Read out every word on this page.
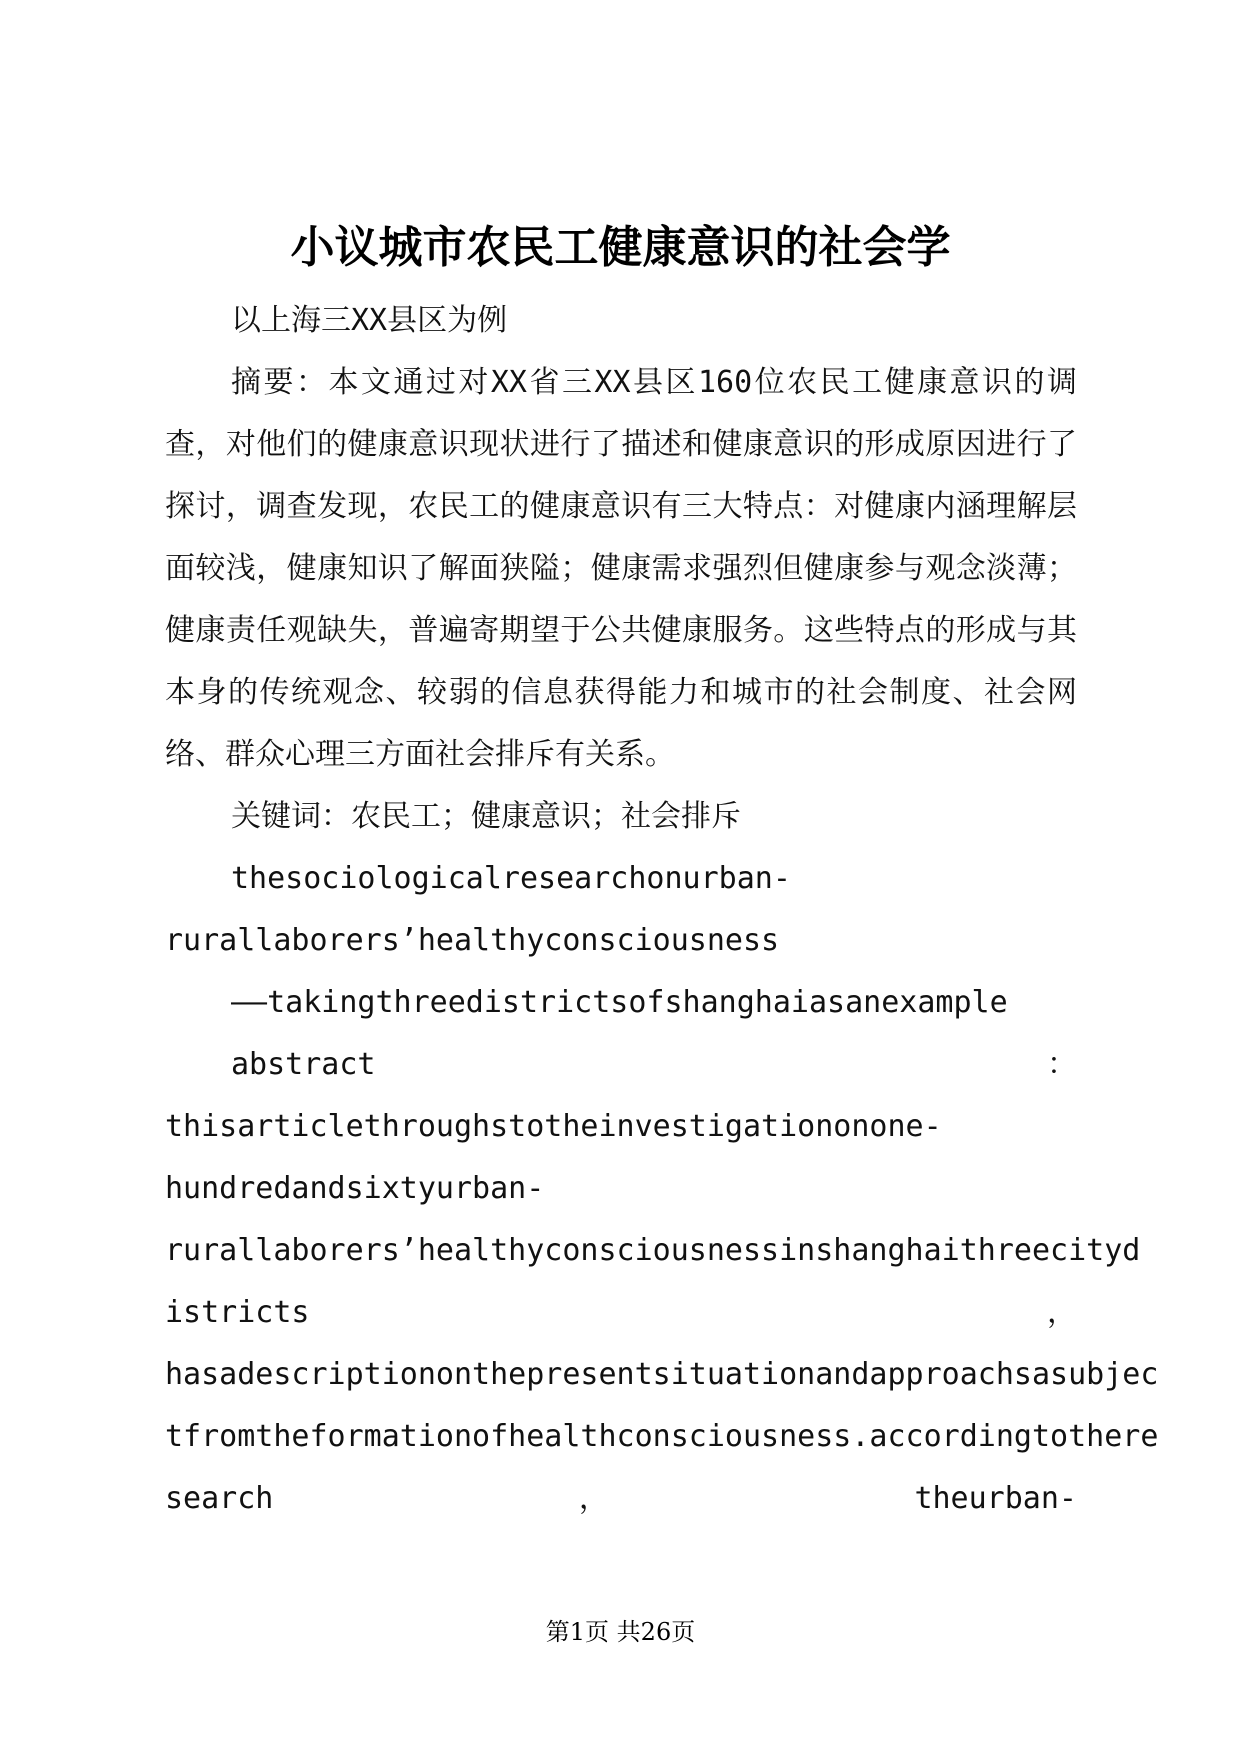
小议城市农民工健康意识的社会学

以上海三XX县区为例

摘要：本文通过对XX省三XX县区160位农民工健康意识的调查，对他们的健康意识现状进行了描述和健康意识的形成原因进行了探讨，调查发现，农民工的健康意识有三大特点：对健康内涵理解层面较浅，健康知识了解面狭隘；健康需求强烈但健康参与观念淡薄；健康责任观缺失，普遍寄期望于公共健康服务。这些特点的形成与其本身的传统观念、较弱的信息获得能力和城市的社会制度、社会网络、群众心理三方面社会排斥有关系。

关键词：农民工；健康意识；社会排斥

thesociologicalresearchonurban-

rurallaborers’healthyconsciousness

——takingthreedistrictsofshanghaiasanexample

abstract	：

thisarticlethroughstotheinvestigationonone-

hundredandsixtyurban-

rurallaborers’healthyconsciousnessinshanghaithreecityd

istricts	，

hasadescriptiononthepresentsituationandapproachsasubjec

tfromtheformationofhealthconsciousness.accordingtothere

search	，	theurban-

第1页 共26页
